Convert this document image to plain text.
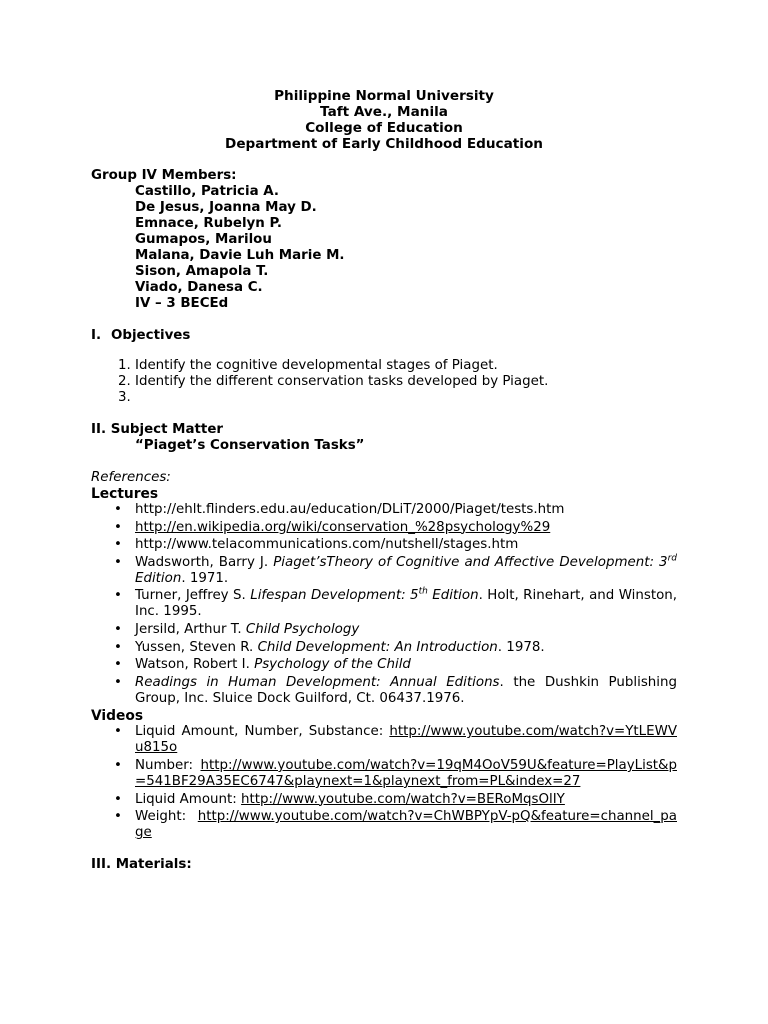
Philippine Normal University
Taft Ave., Manila
College of Education
Department of Early Childhood Education
Group IV Members:
Castillo, Patricia A.
De Jesus, Joanna May D.
Emnace, Rubelyn P.
Gumapos, Marilou
Malana, Davie Luh Marie M.
Sison, Amapola T.
Viado, Danesa C.
IV – 3 BECEd
I. Objectives
1. Identify the cognitive developmental stages of Piaget.
2. Identify the different conservation tasks developed by Piaget.
3.
II. Subject Matter
“Piaget’s Conservation Tasks”
References:
Lectures
• http://ehlt.flinders.edu.au/education/DLiT/2000/Piaget/tests.htm
• http://en.wikipedia.org/wiki/conservation_%28psychology%29
• http://www.telacommunications.com/nutshell/stages.htm
• Wadsworth, Barry J. Piaget’sTheory of Cognitive and Affective Development: 3rd Edition. 1971.
• Turner, Jeffrey S. Lifespan Development: 5th Edition. Holt, Rinehart, and Winston, Inc. 1995.
• Jersild, Arthur T. Child Psychology
• Yussen, Steven R. Child Development: An Introduction. 1978.
• Watson, Robert I. Psychology of the Child
• Readings in Human Development: Annual Editions. the Dushkin Publishing Group, Inc. Sluice Dock Guilford, Ct. 06437.1976.
Videos
• Liquid Amount, Number, Substance: http://www.youtube.com/watch?v=YtLEWVu815o
• Number: http://www.youtube.com/watch?v=19qM4OoV59U&feature=PlayList&p=541BF29A35EC6747&playnext=1&playnext_from=PL&index=27
• Liquid Amount: http://www.youtube.com/watch?v=BERoMqsOlIY
• Weight: http://www.youtube.com/watch?v=ChWBPYpV-pQ&feature=channel_page
III. Materials:
